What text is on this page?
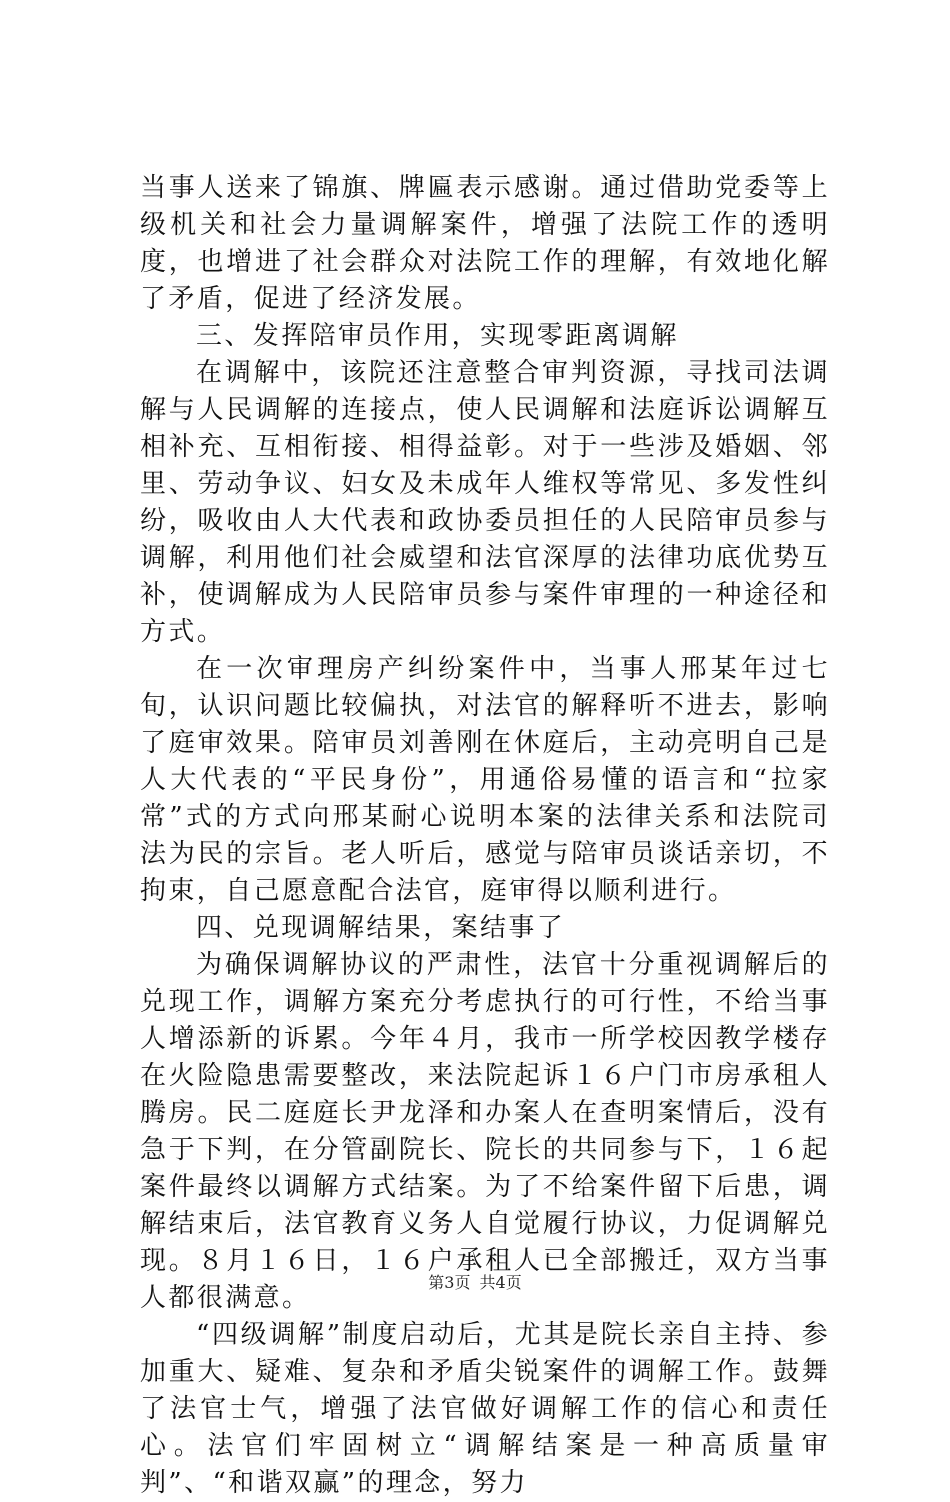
当事人送来了锦旗、牌匾表示感谢。通过借助党委等上级机关和社会力量调解案件，增强了法院工作的透明度，也增进了社会群众对法院工作的理解，有效地化解了矛盾，促进了经济发展。

三、发挥陪审员作用，实现零距离调解

在调解中，该院还注意整合审判资源，寻找司法调解与人民调解的连接点，使人民调解和法庭诉讼调解互相补充、互相衔接、相得益彰。对于一些涉及婚姻、邻里、劳动争议、妇女及未成年人维权等常见、多发性纠纷，吸收由人大代表和政协委员担任的人民陪审员参与调解，利用他们社会威望和法官深厚的法律功底优势互补，使调解成为人民陪审员参与案件审理的一种途径和方式。

在一次审理房产纠纷案件中，当事人邢某年过七旬，认识问题比较偏执，对法官的解释听不进去，影响了庭审效果。陪审员刘善刚在休庭后，主动亮明自己是人大代表的“平民身份”，用通俗易懂的语言和“拉家常”式的方式向邢某耐心说明本案的法律关系和法院司法为民的宗旨。老人听后，感觉与陪审员谈话亲切，不拘束，自己愿意配合法官，庭审得以顺利进行。

四、兑现调解结果，案结事了

为确保调解协议的严肃性，法官十分重视调解后的兑现工作，调解方案充分考虑执行的可行性，不给当事人增添新的诉累。今年４月，我市一所学校因教学楼存在火险隐患需要整改，来法院起诉１６户门市房承租人腾房。民二庭庭长尹龙泽和办案人在查明案情后，没有急于下判，在分管副院长、院长的共同参与下，１６起案件最终以调解方式结案。为了不给案件留下后患，调解结束后，法官教育义务人自觉履行协议，力促调解兑现。８月１６日，１６户承租人已全部搬迁，双方当事人都很满意。

“四级调解”制度启动后，尤其是院长亲自主持、参加重大、疑难、复杂和矛盾尖锐案件的调解工作。鼓舞了法官士气，增强了法官做好调解工作的信心和责任心。法官们牢固树立“调解结案是一种高质量审判”、“和谐双赢”的理念，努力

第3页 共4页
